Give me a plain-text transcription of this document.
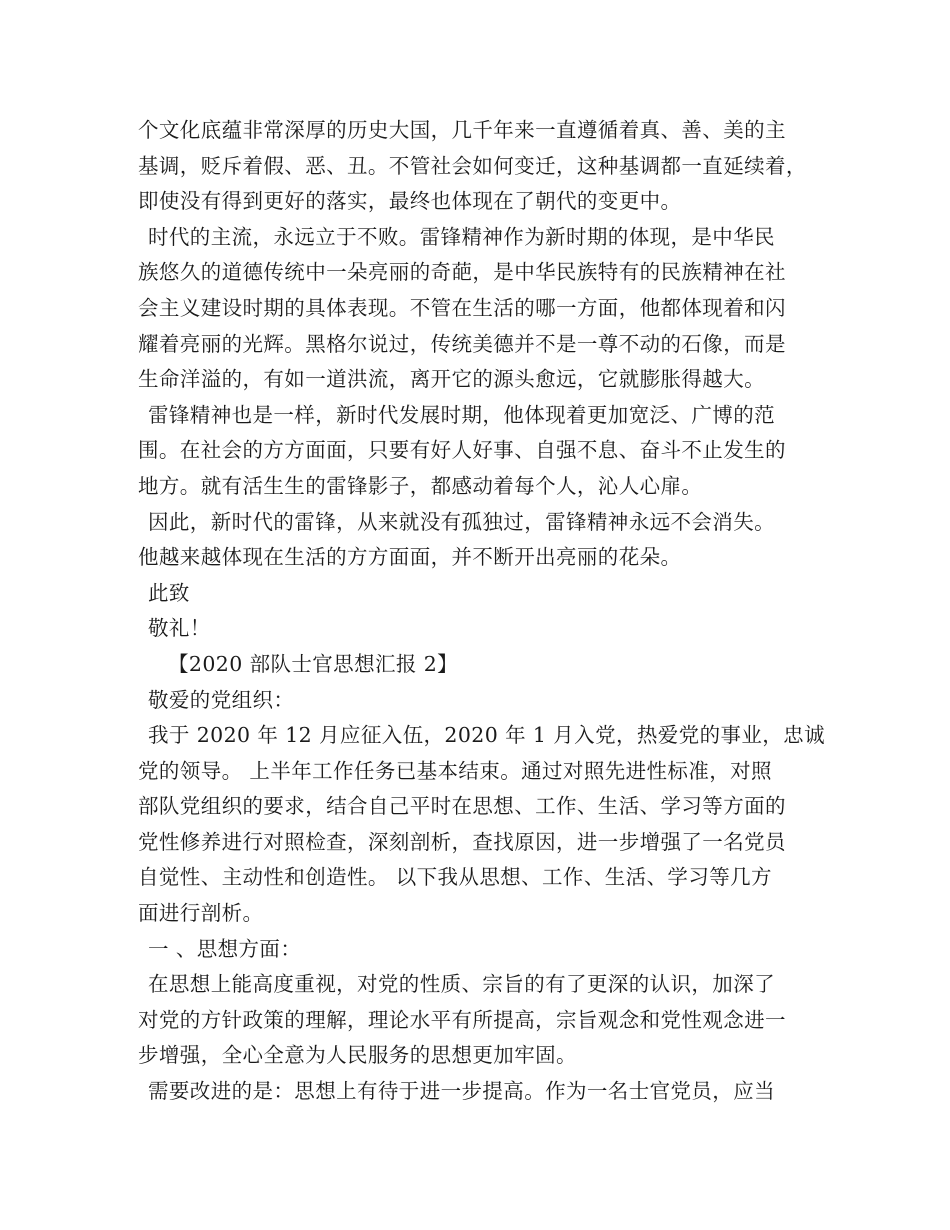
个文化底蕴非常深厚的历史大国，几千年来一直遵循着真、善、美的主
基调，贬斥着假、恶、丑。不管社会如何变迁，这种基调都一直延续着，
即使没有得到更好的落实，最终也体现在了朝代的变更中。
时代的主流，永远立于不败。雷锋精神作为新时期的体现，是中华民
族悠久的道德传统中一朵亮丽的奇葩，是中华民族特有的民族精神在社
会主义建设时期的具体表现。不管在生活的哪一方面，他都体现着和闪
耀着亮丽的光辉。黑格尔说过，传统美德并不是一尊不动的石像，而是
生命洋溢的，有如一道洪流，离开它的源头愈远，它就膨胀得越大。
雷锋精神也是一样，新时代发展时期，他体现着更加宽泛、广博的范
围。在社会的方方面面，只要有好人好事、自强不息、奋斗不止发生的
地方。就有活生生的雷锋影子，都感动着每个人，沁人心扉。
因此，新时代的雷锋，从来就没有孤独过，雷锋精神永远不会消失。
他越来越体现在生活的方方面面，并不断开出亮丽的花朵。
此致
敬礼！
【2020 部队士官思想汇报 2】
敬爱的党组织：
我于 2020 年 12 月应征入伍，2020 年 1 月入党，热爱党的事业，忠诚
党的领导。 上半年工作任务已基本结束。通过对照先进性标准，对照
部队党组织的要求，结合自己平时在思想、工作、生活、学习等方面的
党性修养进行对照检查，深刻剖析，查找原因，进一步增强了一名党员
自觉性、主动性和创造性。 以下我从思想、工作、生活、学习等几方
面进行剖析。
一 、思想方面：
在思想上能高度重视，对党的性质、宗旨的有了更深的认识，加深了
对党的方针政策的理解，理论水平有所提高，宗旨观念和党性观念进一
步增强，全心全意为人民服务的思想更加牢固。
需要改进的是：思想上有待于进一步提高。作为一名士官党员，应当
